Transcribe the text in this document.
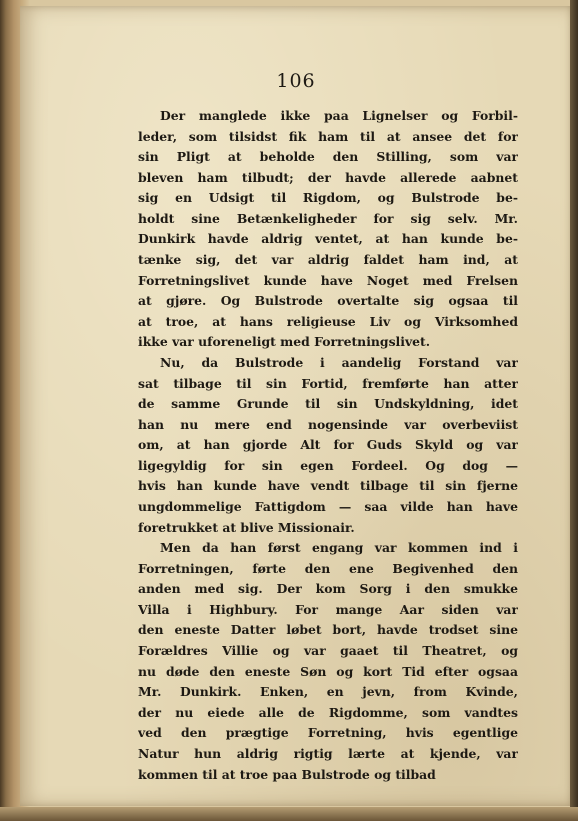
106
Der manglede ikke paa Lignelser og Forbil-
leder, som tilsidst fik ham til at ansee det for
sin Pligt at beholde den Stilling, som var
bleven ham tilbudt; der havde allerede aabnet
sig en Udsigt til Rigdom, og Bulstrode be-
holdt sine Betænkeligheder for sig selv. Mr.
Dunkirk havde aldrig ventet, at han kunde be-
tænke sig, det var aldrig faldet ham ind, at
Forretningslivet kunde have Noget med Frelsen
at gjøre. Og Bulstrode overtalte sig ogsaa til
at troe, at hans religieuse Liv og Virksomhed
ikke var uforeneligt med Forretningslivet.
Nu, da Bulstrode i aandelig Forstand var
sat tilbage til sin Fortid, fremførte han atter
de samme Grunde til sin Undskyldning, idet
han nu mere end nogensinde var overbeviist
om, at han gjorde Alt for Guds Skyld og var
ligegyldig for sin egen Fordeel. Og dog —
hvis han kunde have vendt tilbage til sin fjerne
ungdommelige Fattigdom — saa vilde han have
foretrukket at blive Missionair.
Men da han først engang var kommen ind i
Forretningen, førte den ene Begivenhed den
anden med sig. Der kom Sorg i den smukke
Villa i Highbury. For mange Aar siden var
den eneste Datter løbet bort, havde trodset sine
Forældres Villie og var gaaet til Theatret, og
nu døde den eneste Søn og kort Tid efter ogsaa
Mr. Dunkirk. Enken, en jevn, from Kvinde,
der nu eiede alle de Rigdomme, som vandtes
ved den prægtige Forretning, hvis egentlige
Natur hun aldrig rigtig lærte at kjende, var
kommen til at troe paa Bulstrode og tilbad
